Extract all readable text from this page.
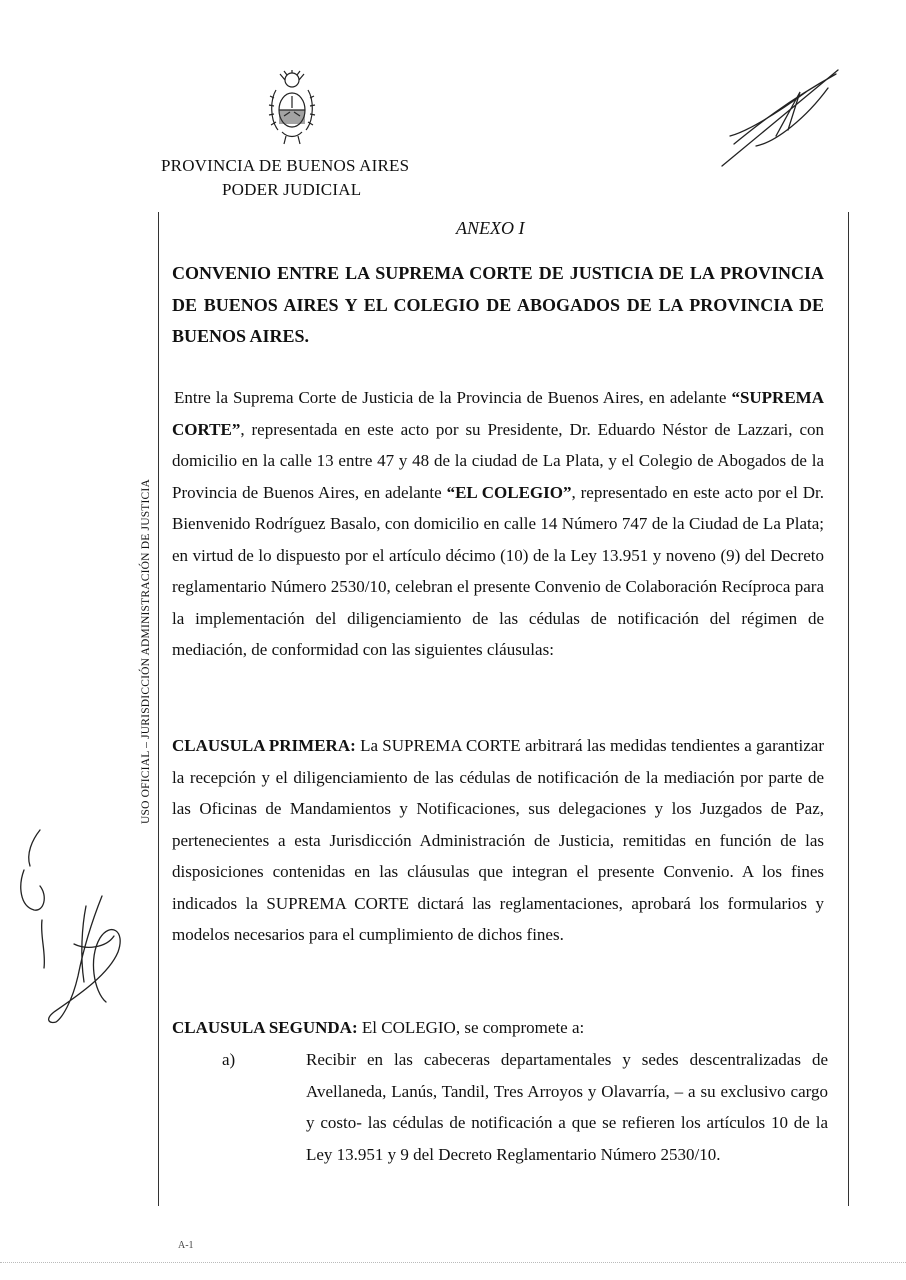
PROVINCIA DE BUENOS AIRES
PODER JUDICIAL
USO OFICIAL – JURISDICCIÓN ADMINISTRACIÓN DE JUSTICIA
ANEXO I
CONVENIO ENTRE LA SUPREMA CORTE DE JUSTICIA DE LA PROVINCIA DE BUENOS AIRES Y EL COLEGIO DE ABOGADOS DE LA PROVINCIA DE BUENOS AIRES.
Entre la Suprema Corte de Justicia de la Provincia de Buenos Aires, en adelante “SUPREMA CORTE”, representada en este acto por su Presidente, Dr. Eduardo Néstor de Lazzari, con domicilio en la calle 13 entre 47 y 48 de la ciudad de La Plata, y el Colegio de Abogados de la Provincia de Buenos Aires, en adelante “EL COLEGIO”, representado en este acto por el Dr. Bienvenido Rodríguez Basalo, con domicilio en calle 14 Número 747 de la Ciudad de La Plata; en virtud de lo dispuesto por el artículo décimo (10) de la Ley 13.951 y noveno (9) del Decreto reglamentario Número 2530/10, celebran el presente Convenio de Colaboración Recíproca para la implementación del diligenciamiento de las cédulas de notificación del régimen de mediación, de conformidad con las siguientes cláusulas:
CLAUSULA PRIMERA: La SUPREMA CORTE arbitrará las medidas tendientes a garantizar la recepción y el diligenciamiento de las cédulas de notificación de la mediación por parte de las Oficinas de Mandamientos y Notificaciones, sus delegaciones y los Juzgados de Paz, pertenecientes a esta Jurisdicción Administración de Justicia, remitidas en función de las disposiciones contenidas en las cláusulas que integran el presente Convenio. A los fines indicados la SUPREMA CORTE dictará las reglamentaciones, aprobará los formularios y modelos necesarios para el cumplimiento de dichos fines.
CLAUSULA SEGUNDA: El COLEGIO, se compromete a:
a)	Recibir en las cabeceras departamentales y sedes descentralizadas de Avellaneda, Lanús, Tandil, Tres Arroyos y Olavarría, – a su exclusivo cargo y costo- las cédulas de notificación a que se refieren los artículos 10 de la Ley 13.951 y 9 del Decreto Reglamentario Número 2530/10.
A-1
